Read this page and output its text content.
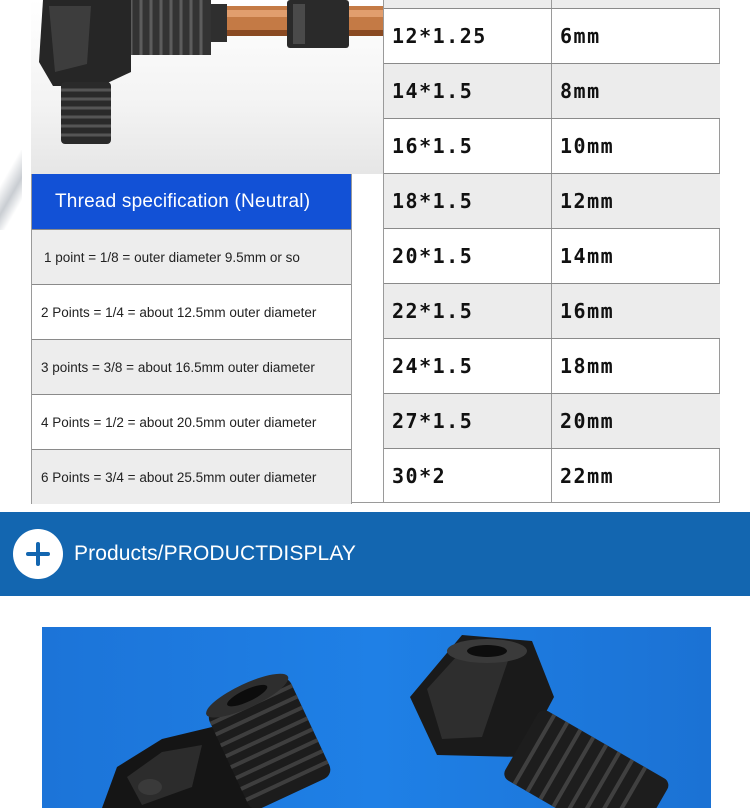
Thread specification (Neutral)
1 point = 1/8 = outer diameter 9.5mm or so
2 Points = 1/4 = about 12.5mm outer diameter
3 points = 3/8 = about 16.5mm outer diameter
4 Points = 1/2 = about 20.5mm outer diameter
6 Points = 3/4 = about 25.5mm outer diameter
12*1.25	6mm
14*1.5	8mm
16*1.5	10mm
18*1.5	12mm
20*1.5	14mm
22*1.5	16mm
24*1.5	18mm
27*1.5	20mm
30*2	22mm
Products/PRODUCTDISPLAY
